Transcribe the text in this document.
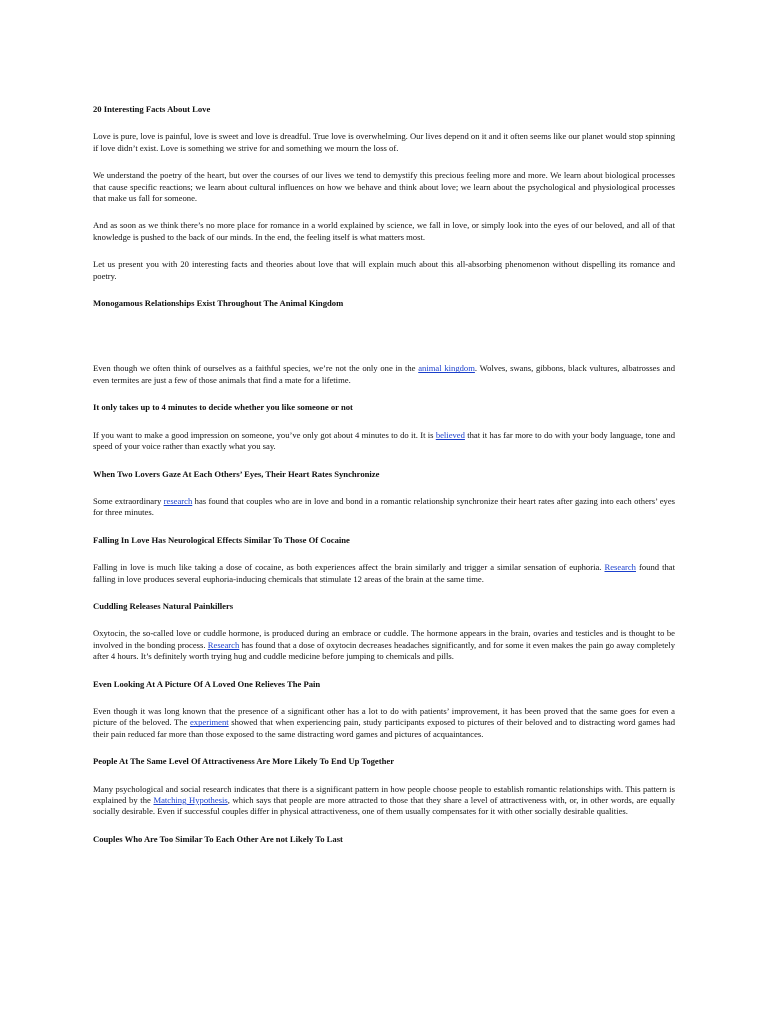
20 Interesting Facts About Love

Love is pure, love is painful, love is sweet and love is dreadful. True love is overwhelming. Our lives depend on it and it often seems like our planet would stop spinning if love didn’t exist. Love is something we strive for and something we mourn the loss of.

We understand the poetry of the heart, but over the courses of our lives we tend to demystify this precious feeling more and more. We learn about biological processes that cause specific reactions; we learn about cultural influences on how we behave and think about love; we learn about the psychological and physiological processes that make us fall for someone.

And as soon as we think there’s no more place for romance in a world explained by science, we fall in love, or simply look into the eyes of our beloved, and all of that knowledge is pushed to the back of our minds. In the end, the feeling itself is what matters most.

Let us present you with 20 interesting facts and theories about love that will explain much about this all-absorbing phenomenon without dispelling its romance and poetry.

Monogamous Relationships Exist Throughout The Animal Kingdom

Even though we often think of ourselves as a faithful species, we’re not the only one in the animal kingdom. Wolves, swans, gibbons, black vultures, albatrosses and even termites are just a few of those animals that find a mate for a lifetime.

It only takes up to 4 minutes to decide whether you like someone or not

If you want to make a good impression on someone, you’ve only got about 4 minutes to do it. It is believed that it has far more to do with your body language, tone and speed of your voice rather than exactly what you say.

When Two Lovers Gaze At Each Others’ Eyes, Their Heart Rates Synchronize

Some extraordinary research has found that couples who are in love and bond in a romantic relationship synchronize their heart rates after gazing into each others’ eyes for three minutes.

Falling In Love Has Neurological Effects Similar To Those Of Cocaine

Falling in love is much like taking a dose of cocaine, as both experiences affect the brain similarly and trigger a similar sensation of euphoria. Research found that falling in love produces several euphoria-inducing chemicals that stimulate 12 areas of the brain at the same time.

Cuddling Releases Natural Painkillers

Oxytocin, the so-called love or cuddle hormone, is produced during an embrace or cuddle. The hormone appears in the brain, ovaries and testicles and is thought to be involved in the bonding process. Research has found that a dose of oxytocin decreases headaches significantly, and for some it even makes the pain go away completely after 4 hours. It’s definitely worth trying hug and cuddle medicine before jumping to chemicals and pills.

Even Looking At A Picture Of A Loved One Relieves The Pain

Even though it was long known that the presence of a significant other has a lot to do with patients’ improvement, it has been proved that the same goes for even a picture of the beloved. The experiment showed that when experiencing pain, study participants exposed to pictures of their beloved and to distracting word games had their pain reduced far more than those exposed to the same distracting word games and pictures of acquaintances.

People At The Same Level Of Attractiveness Are More Likely To End Up Together

Many psychological and social research indicates that there is a significant pattern in how people choose people to establish romantic relationships with. This pattern is explained by the Matching Hypothesis, which says that people are more attracted to those that they share a level of attractiveness with, or, in other words, are equally socially desirable. Even if successful couples differ in physical attractiveness, one of them usually compensates for it with other socially desirable qualities.

Couples Who Are Too Similar To Each Other Are not Likely To Last
